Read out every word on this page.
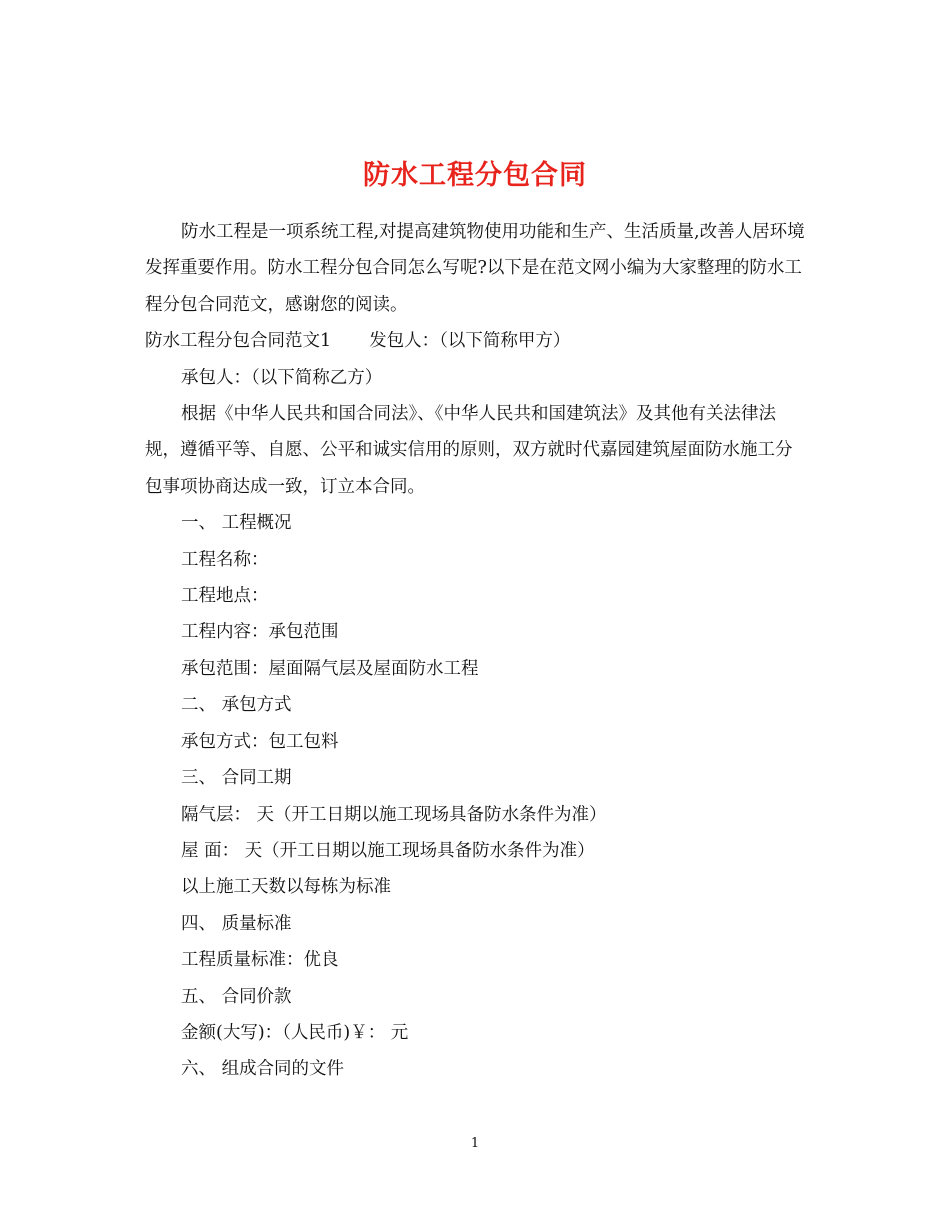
防水工程分包合同

防水工程是一项系统工程,对提高建筑物使用功能和生产、生活质量,改善人居环境发挥重要作用。防水工程分包合同怎么写呢?以下是在范文网小编为大家整理的防水工程分包合同范文，感谢您的阅读。

防水工程分包合同范文1 发包人：（以下简称甲方）

承包人：（以下简称乙方）

根据《中华人民共和国合同法》、《中华人民共和国建筑法》及其他有关法律法规，遵循平等、自愿、公平和诚实信用的原则，双方就时代嘉园建筑屋面防水施工分包事项协商达成一致，订立本合同。

一、 工程概况

工程名称：

工程地点：

工程内容：承包范围

承包范围：屋面隔气层及屋面防水工程

二、 承包方式

承包方式：包工包料

三、 合同工期

隔气层： 天（开工日期以施工现场具备防水条件为准）

屋 面： 天（开工日期以施工现场具备防水条件为准）

以上施工天数以每栋为标准

四、 质量标准

工程质量标准：优良

五、 合同价款

金额(大写)：（人民币)￥： 元

六、 组成合同的文件

1
